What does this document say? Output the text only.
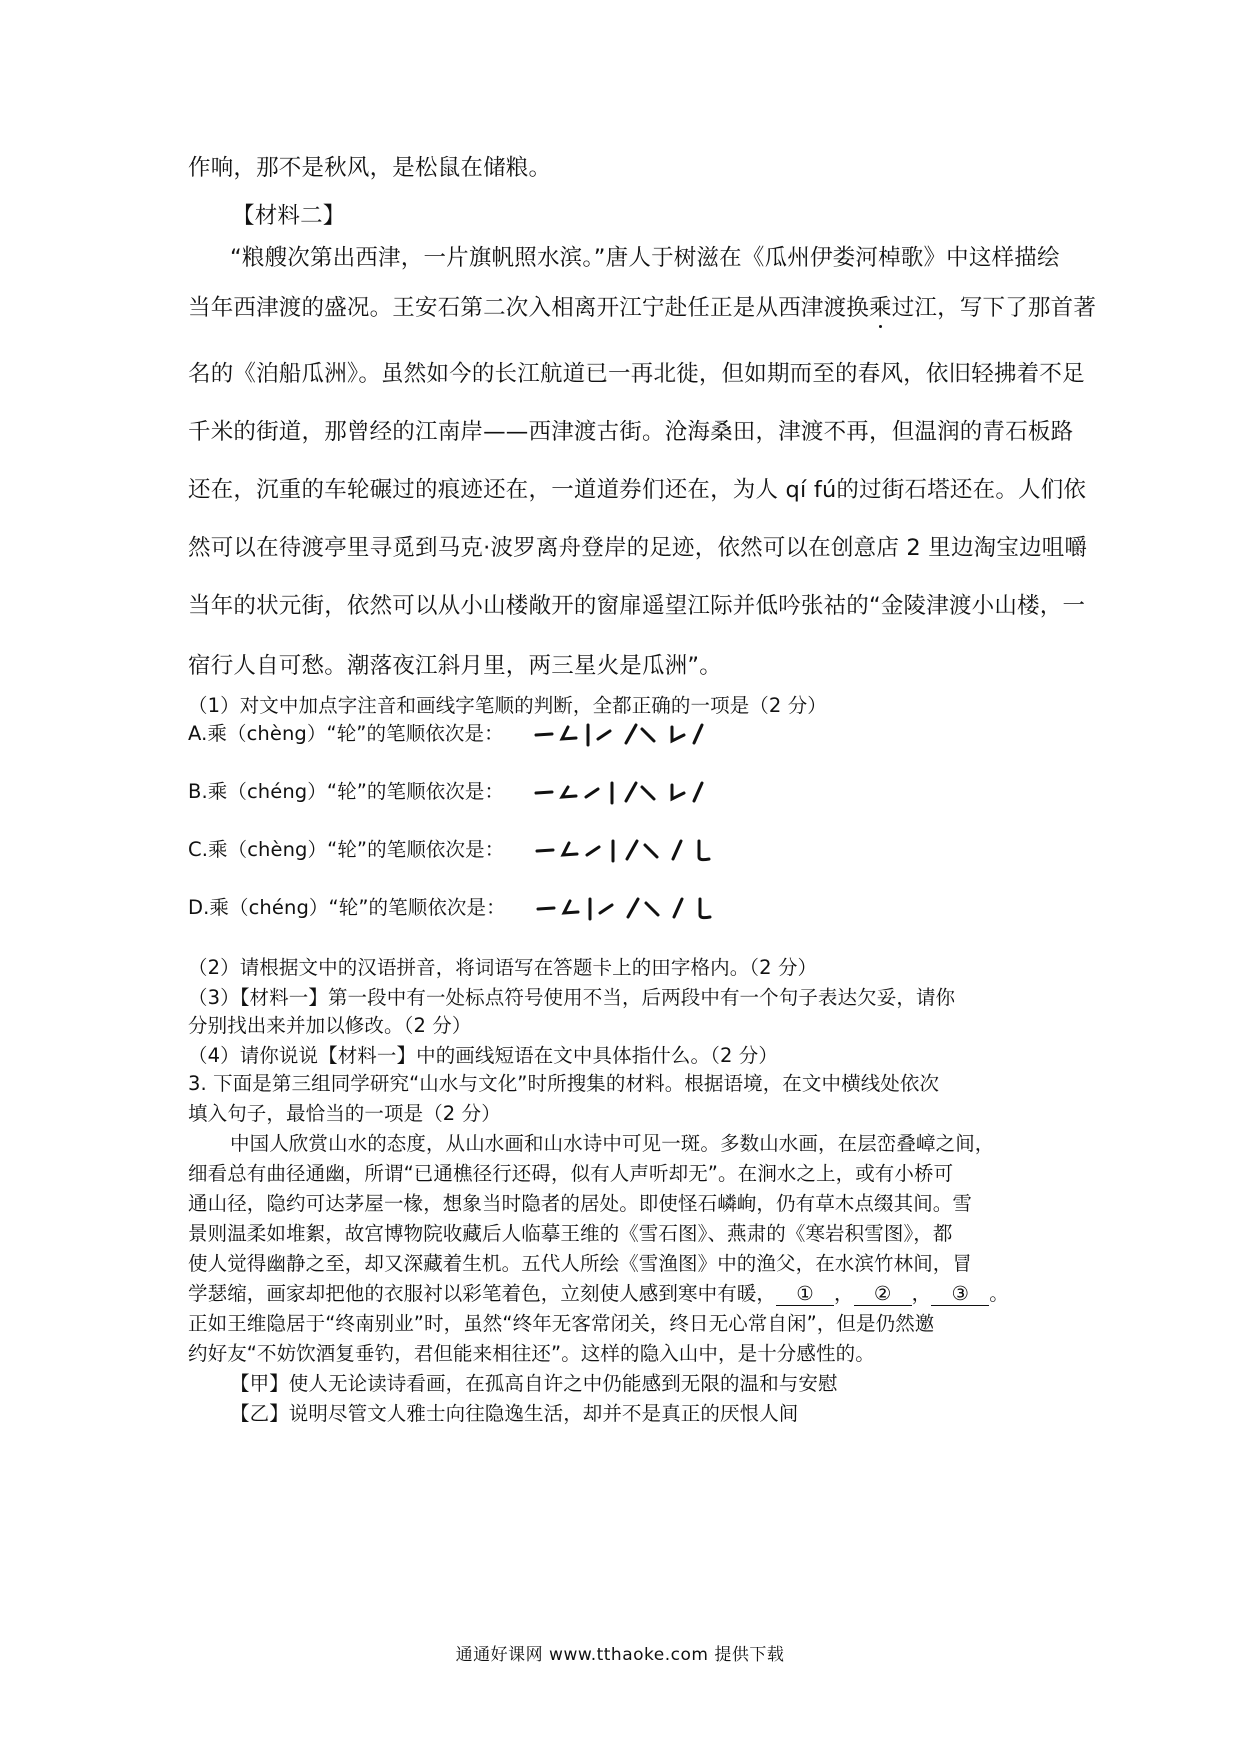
作响，那不是秋风，是松鼠在储粮。
【材料二】
“粮艘次第出西津，一片旗帆照水滨。”唐人于树滋在《瓜州伊娄河棹歌》中这样描绘
当年西津渡的盛况。王安石第二次入相离开江宁赴任正是从西津渡换乘过江，写下了那首著
名的《泊船瓜洲》。虽然如今的长江航道已一再北徙，但如期而至的春风，依旧轻拂着不足
千米的街道，那曾经的江南岸——西津渡古街。沧海桑田，津渡不再，但温润的青石板路
还在，沉重的车轮碾过的痕迹还在，一道道券们还在，为人 qí fú的过街石塔还在。人们依
然可以在待渡亭里寻觅到马克·波罗离舟登岸的足迹，依然可以在创意店 2 里边淘宝边咀嚼
当年的状元街，依然可以从小山楼敞开的窗扉遥望江际并低吟张祜的“金陵津渡小山楼，一
宿行人自可愁。潮落夜江斜月里，两三星火是瓜洲”。
（1）对文中加点字注音和画线字笔顺的判断，全都正确的一项是（2 分）
A.乘（chèng）“轮”的笔顺依次是：
B.乘（chéng）“轮”的笔顺依次是：
C.乘（chèng）“轮”的笔顺依次是：
D.乘（chéng）“轮”的笔顺依次是：
（2）请根据文中的汉语拼音，将词语写在答题卡上的田字格内。（2 分）
（3）【材料一】第一段中有一处标点符号使用不当，后两段中有一个句子表达欠妥，请你
分别找出来并加以修改。（2 分）
（4）请你说说【材料一】中的画线短语在文中具体指什么。（2 分）
3. 下面是第三组同学研究“山水与文化”时所搜集的材料。根据语境，在文中横线处依次
填入句子，最恰当的一项是（2 分）
中国人欣赏山水的态度，从山水画和山水诗中可见一斑。多数山水画，在层峦叠嶂之间，
细看总有曲径通幽，所谓“已通樵径行还碍，似有人声听却无”。在涧水之上，或有小桥可
通山径，隐约可达茅屋一椽，想象当时隐者的居处。即使怪石嶙峋，仍有草木点缀其间。雪
景则温柔如堆絮，故宫博物院收藏后人临摹王维的《雪石图》、燕肃的《寒岩积雪图》，都
使人觉得幽静之至，却又深藏着生机。五代人所绘《雪渔图》中的渔父，在水滨竹林间，冒
学瑟缩，画家却把他的衣服衬以彩笔着色，立刻使人感到寒中有暖， ① ， ② ， ③ 。
正如王维隐居于“终南别业”时，虽然“终年无客常闭关，终日无心常自闲”，但是仍然邀
约好友“不妨饮酒复垂钓，君但能来相往还”。这样的隐入山中，是十分感性的。
【甲】使人无论读诗看画，在孤高自许之中仍能感到无限的温和与安慰
【乙】说明尽管文人雅士向往隐逸生活，却并不是真正的厌恨人间
通通好课网 www.tthaoke.com 提供下载
